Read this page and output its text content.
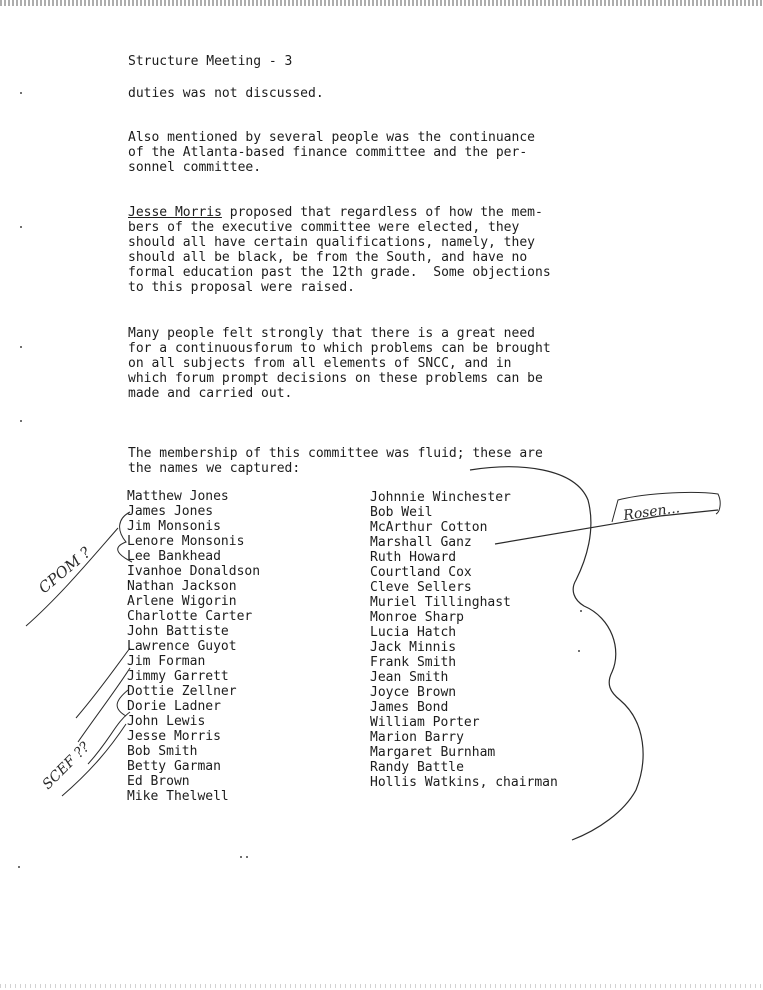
Structure Meeting - 3
duties was not discussed.
Also mentioned by several people was the continuance
of the Atlanta-based finance committee and the per-
sonnel committee.
Jesse Morris proposed that regardless of how the mem-
bers of the executive committee were elected, they
should all have certain qualifications, namely, they
should all be black, be from the South, and have no
formal education past the 12th grade.  Some objections
to this proposal were raised.
Many people felt strongly that there is a great need
for a continuousforum to which problems can be brought
on all subjects from all elements of SNCC, and in
which forum prompt decisions on these problems can be
made and carried out.
The membership of this committee was fluid; these are
the names we captured:
Matthew Jones
James Jones
Jim Monsonis
Lenore Monsonis
Lee Bankhead
Ivanhoe Donaldson
Nathan Jackson
Arlene Wigorin
Charlotte Carter
John Battiste
Lawrence Guyot
Jim Forman
Jimmy Garrett
Dottie Zellner
Dorie Ladner
John Lewis
Jesse Morris
Bob Smith
Betty Garman
Ed Brown
Mike Thelwell
Johnnie Winchester
Bob Weil
McArthur Cotton
Marshall Ganz
Ruth Howard
Courtland Cox
Cleve Sellers
Muriel Tillinghast
Monroe Sharp
Lucia Hatch
Jack Minnis
Frank Smith
Jean Smith
Joyce Brown
James Bond
William Porter
Marion Barry
Margaret Burnham
Randy Battle
Hollis Watkins, chairman
CPOM ?
SCEF ??
Rosen...
